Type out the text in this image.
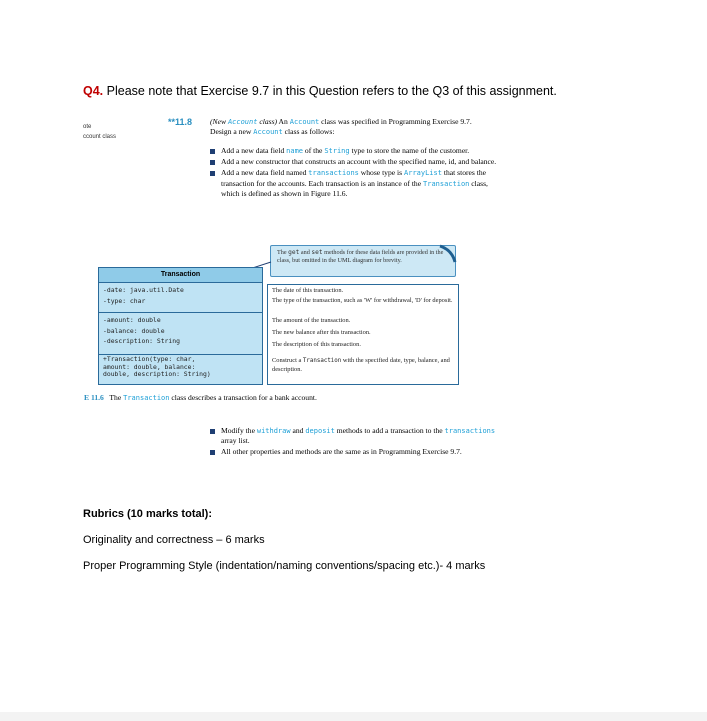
Q4. Please note that Exercise 9.7 in this Question refers to the Q3 of this assignment.
ote
ccount class
**11.8 (New Account class) An Account class was specified in Programming Exercise 9.7.
Design a new Account class as follows:
Add a new data field name of the String type to store the name of the customer.
Add a new constructor that constructs an account with the specified name, id, and balance.
Add a new data field named transactions whose type is ArrayList that stores the transaction for the accounts. Each transaction is an instance of the Transaction class, which is defined as shown in Figure 11.6.
The get and set methods for these data fields are provided in the class, but omitted in the UML diagram for brevity.
Transaction
-date: java.util.Date
-type: char
-amount: double
-balance: double
-description: String
+Transaction(type: char,
amount: double, balance:
double, description: String)
The date of this transaction.
The type of the transaction, such as 'W' for withdrawal, 'D' for deposit.
The amount of the transaction.
The new balance after this transaction.
The description of this transaction.
Construct a Transaction with the specified date, type, balance, and description.
E 11.6 The Transaction class describes a transaction for a bank account.
Modify the withdraw and deposit methods to add a transaction to the transactions array list.
All other properties and methods are the same as in Programming Exercise 9.7.
Rubrics (10 marks total):
Originality and correctness – 6 marks
Proper Programming Style (indentation/naming conventions/spacing etc.)- 4 marks
